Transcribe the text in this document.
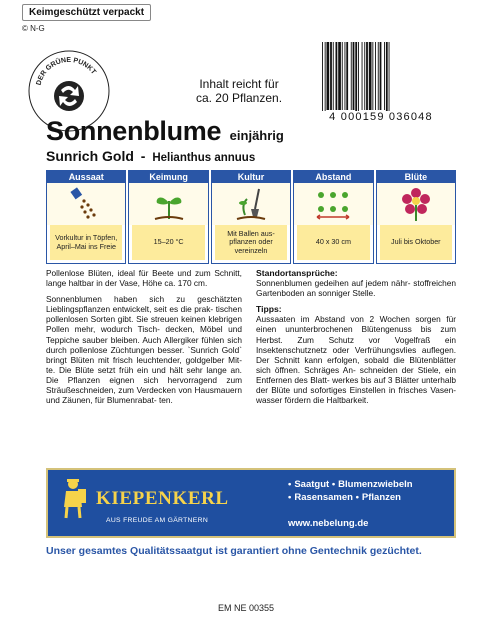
Keimgeschützt verpackt
© N-G
DER GRÜNE PUNKT
Inhalt reicht für
ca. 20 Pflanzen.
4 000159 036048
Sonnenblume einjährig
Sunrich Gold - Helianthus annuus
Aussaat
Vorkultur in Töpfen, April–Mai ins Freie
Keimung
15–20 °C
Kultur
Mit Ballen aus- pflanzen oder vereinzeln
Abstand
40 x 30 cm
Blüte
Juli bis Oktober

Pollenlose Blüten, ideal für Beete und zum Schnitt, lange haltbar in der Vase, Höhe ca. 170 cm.

Sonnenblumen haben sich zu geschätzten Lieblingspflanzen entwickelt, seit es die prak- tischen pollenlosen Sorten gibt. Sie streuen keinen klebrigen Pollen mehr, wodurch Tisch- decken, Möbel und Teppiche sauber bleiben. Auch Allergiker fühlen sich durch pollenlose Züchtungen besser. `Sunrich Gold` bringt Blüten mit frisch leuchtender, goldgelber Mit- te. Die Blüte setzt früh ein und hält sehr lange an. Die Pflanzen eignen sich hervorragend zum Sträußeschneiden, zum Verdecken von Hausmauern und Zäunen, für Blumenrabat- ten.

Standortansprüche:

Sonnenblumen gedeihen auf jedem nähr- stoffreichen Gartenboden an sonniger Stelle.

Tipps:

Aussaaten im Abstand von 2 Wochen sorgen für einen ununterbrochenen Blütengenuss bis zum Herbst. Zum Schutz vor Vogelfraß ein Insektenschutznetz oder Verfrühungsvlies auflegen. Der Schnitt kann erfolgen, sobald die Blütenblätter sich öffnen. Schräges An- schneiden der Stiele, ein Entfernen des Blatt- werkes bis auf 3 Blätter unterhalb der Blüte und sofortiges Einstellen in frisches Vasen- wasser fördern die Haltbarkeit.

KIEPENKERL
AUS FREUDE AM GÄRTNERN
• Saatgut • Blumenzwiebeln
• Rasensamen • Pflanzen
www.nebelung.de
Unser gesamtes Qualitätssaatgut ist garantiert ohne Gentechnik gezüchtet.
EM NE 00355
